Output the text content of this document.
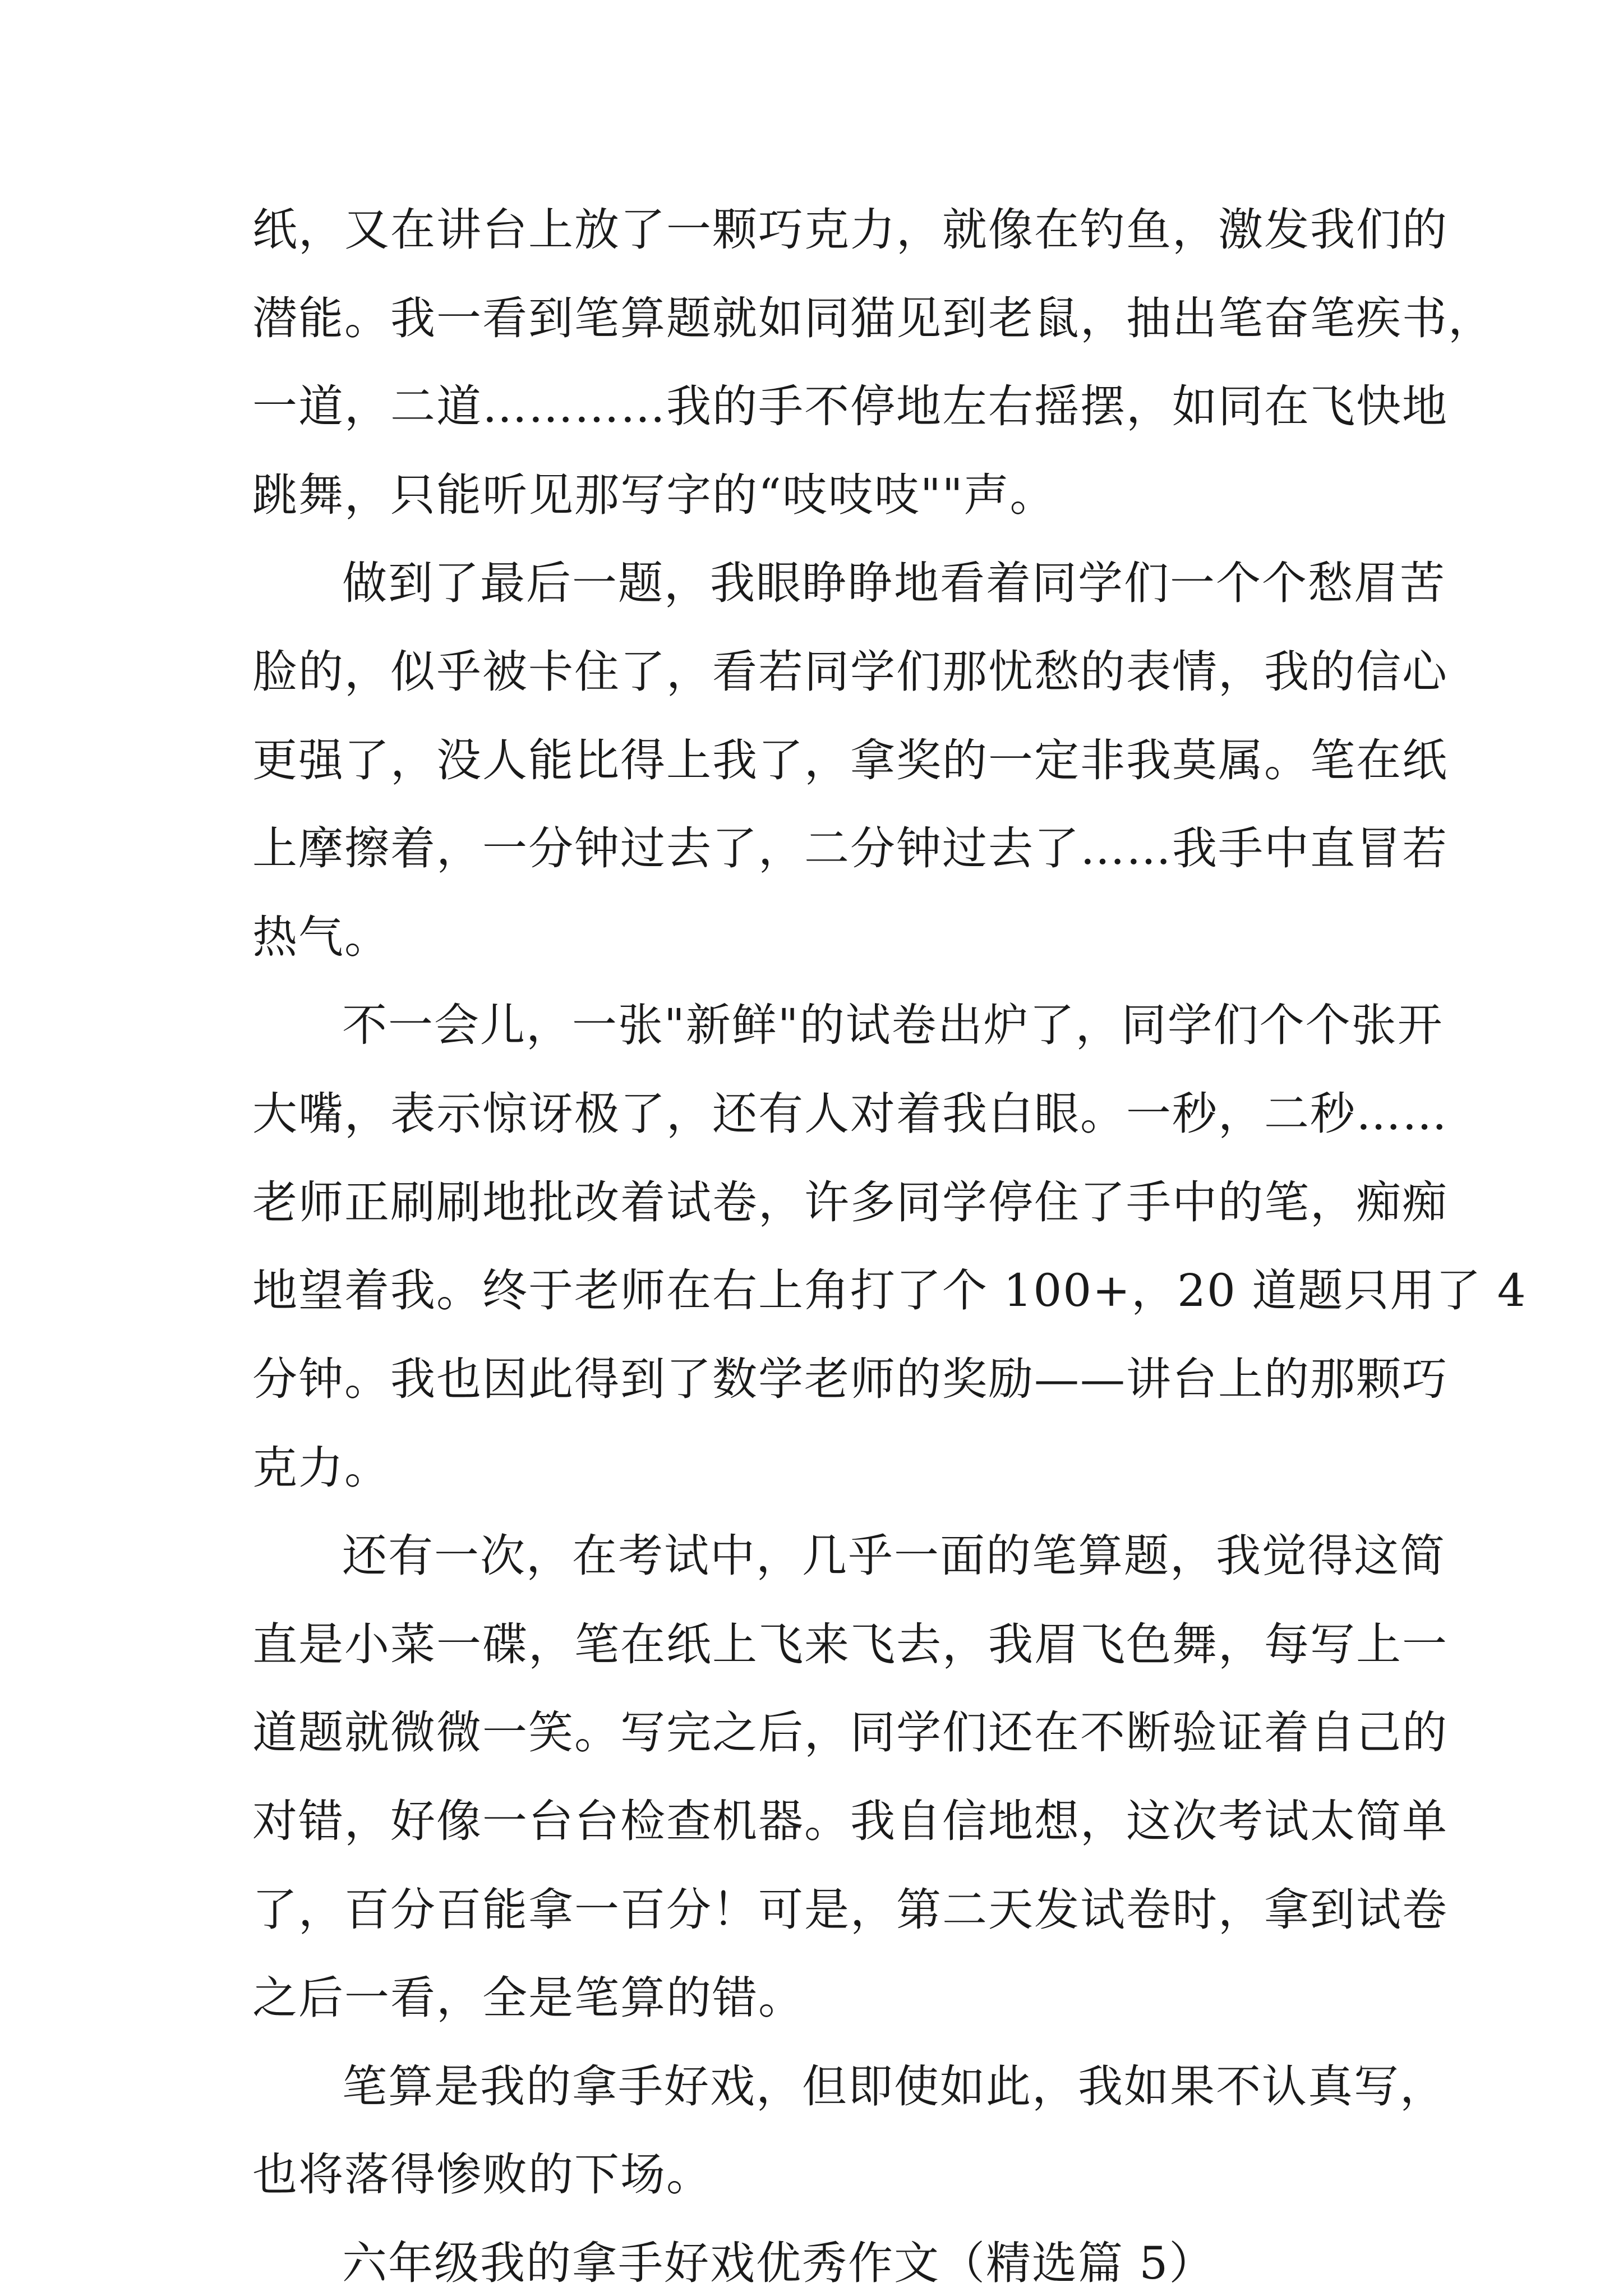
纸，又在讲台上放了一颗巧克力，就像在钓鱼，激发我们的
潜能。我一看到笔算题就如同猫见到老鼠，抽出笔奋笔疾书，
一道，二道…………我的手不停地左右摇摆，如同在飞快地
跳舞，只能听见那写字的“吱吱吱""声。
做到了最后一题，我眼睁睁地看着同学们一个个愁眉苦
脸的，似乎被卡住了，看若同学们那忧愁的表情，我的信心
更强了，没人能比得上我了，拿奖的一定非我莫属。笔在纸
上摩擦着，一分钟过去了，二分钟过去了……我手中直冒若
热气。
不一会儿，一张"新鲜"的试卷出炉了，同学们个个张开
大嘴，表示惊讶极了，还有人对着我白眼。一秒，二秒……
老师正刷刷地批改着试卷，许多同学停住了手中的笔，痴痴
地望着我。终于老师在右上角打了个 100+，20 道题只用了 4
分钟。我也因此得到了数学老师的奖励——讲台上的那颗巧
克力。
还有一次，在考试中，几乎一面的笔算题，我觉得这简
直是小菜一碟，笔在纸上飞来飞去，我眉飞色舞，每写上一
道题就微微一笑。写完之后，同学们还在不断验证着自己的
对错，好像一台台检查机器。我自信地想，这次考试太简单
了，百分百能拿一百分！可是，第二天发试卷时，拿到试卷
之后一看，全是笔算的错。
笔算是我的拿手好戏，但即使如此，我如果不认真写，
也将落得惨败的下场。
六年级我的拿手好戏优秀作文（精选篇 5）
